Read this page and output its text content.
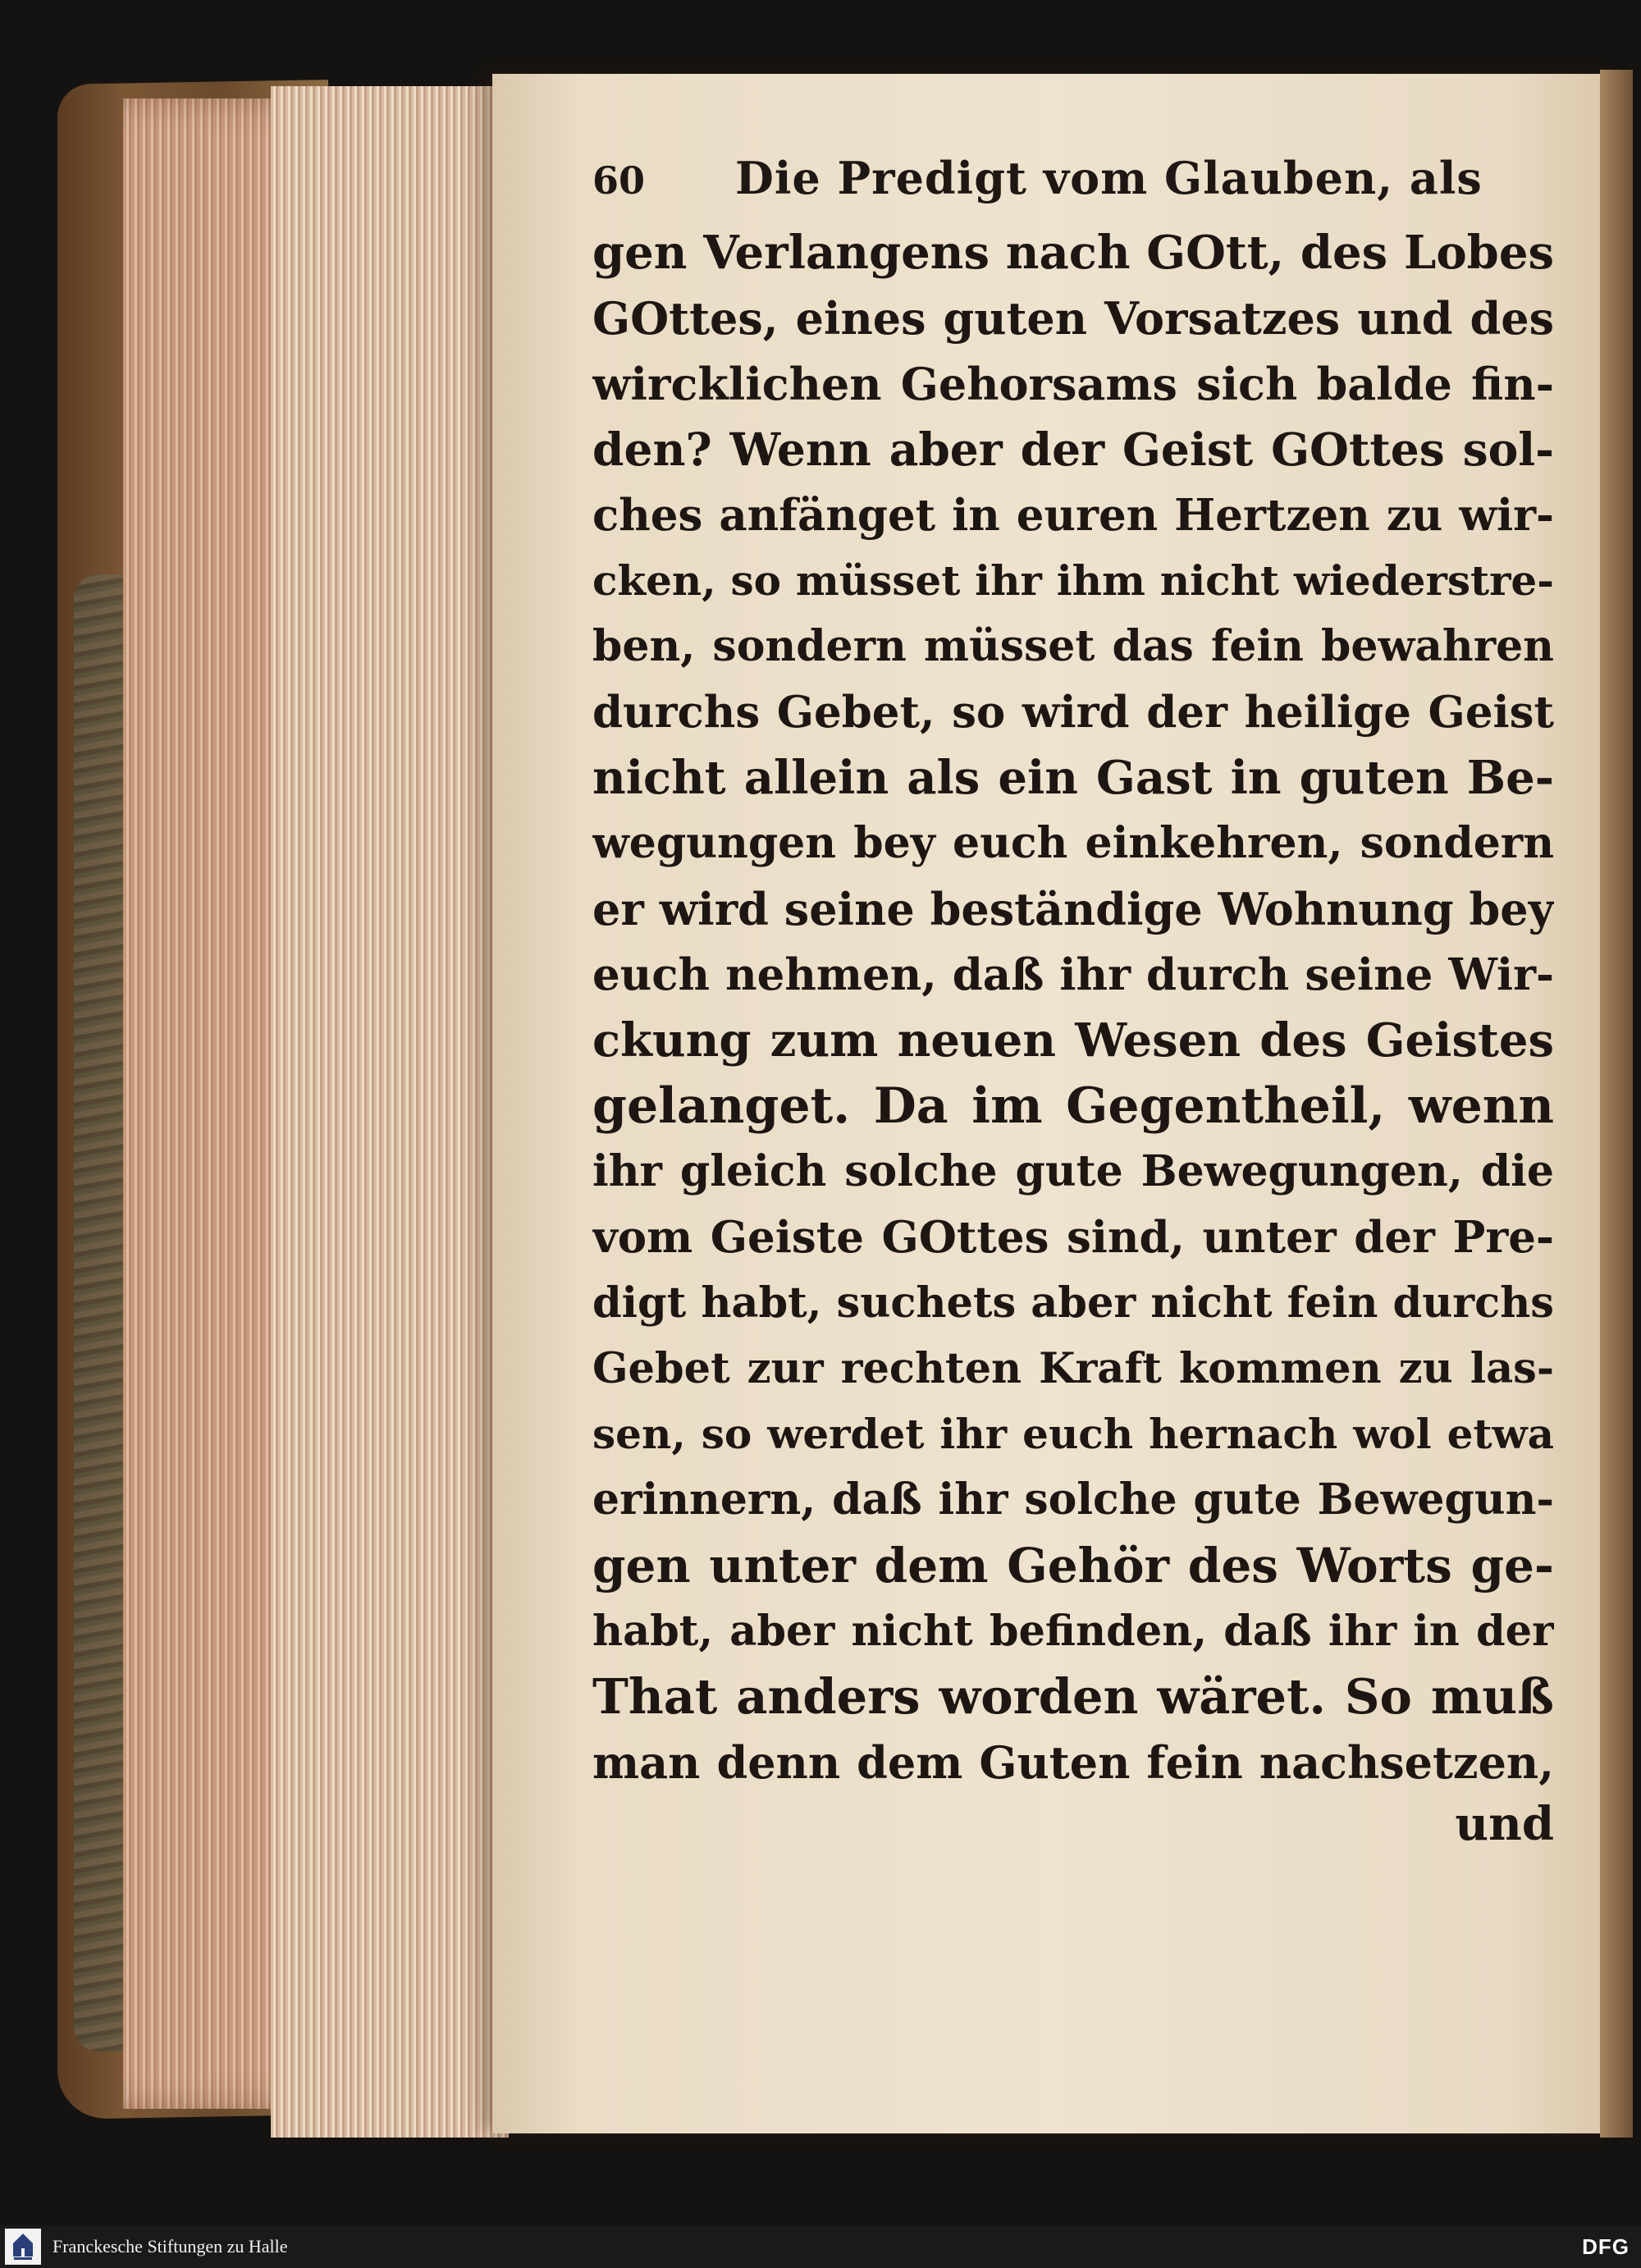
60 Die Predigt vom Glauben, als
gen Verlangens nach GOtt, des Lobes
GOttes, eines guten Vorsatzes und des
wircklichen Gehorsams sich balde fin-
den? Wenn aber der Geist GOttes sol-
ches anfänget in euren Hertzen zu wir-
cken, so müsset ihr ihm nicht wiederstre-
ben, sondern müsset das fein bewahren
durchs Gebet, so wird der heilige Geist
nicht allein als ein Gast in guten Be-
wegungen bey euch einkehren, sondern
er wird seine beständige Wohnung bey
euch nehmen, daß ihr durch seine Wir-
ckung zum neuen Wesen des Geistes
gelanget. Da im Gegentheil, wenn
ihr gleich solche gute Bewegungen, die
vom Geiste GOttes sind, unter der Pre-
digt habt, suchets aber nicht fein durchs
Gebet zur rechten Kraft kommen zu las-
sen, so werdet ihr euch hernach wol etwa
erinnern, daß ihr solche gute Bewegun-
gen unter dem Gehör des Worts ge-
habt, aber nicht befinden, daß ihr in der
That anders worden wäret. So muß
man denn dem Guten fein nachsetzen,
und
Franckesche Stiftungen zu Halle	DFG
